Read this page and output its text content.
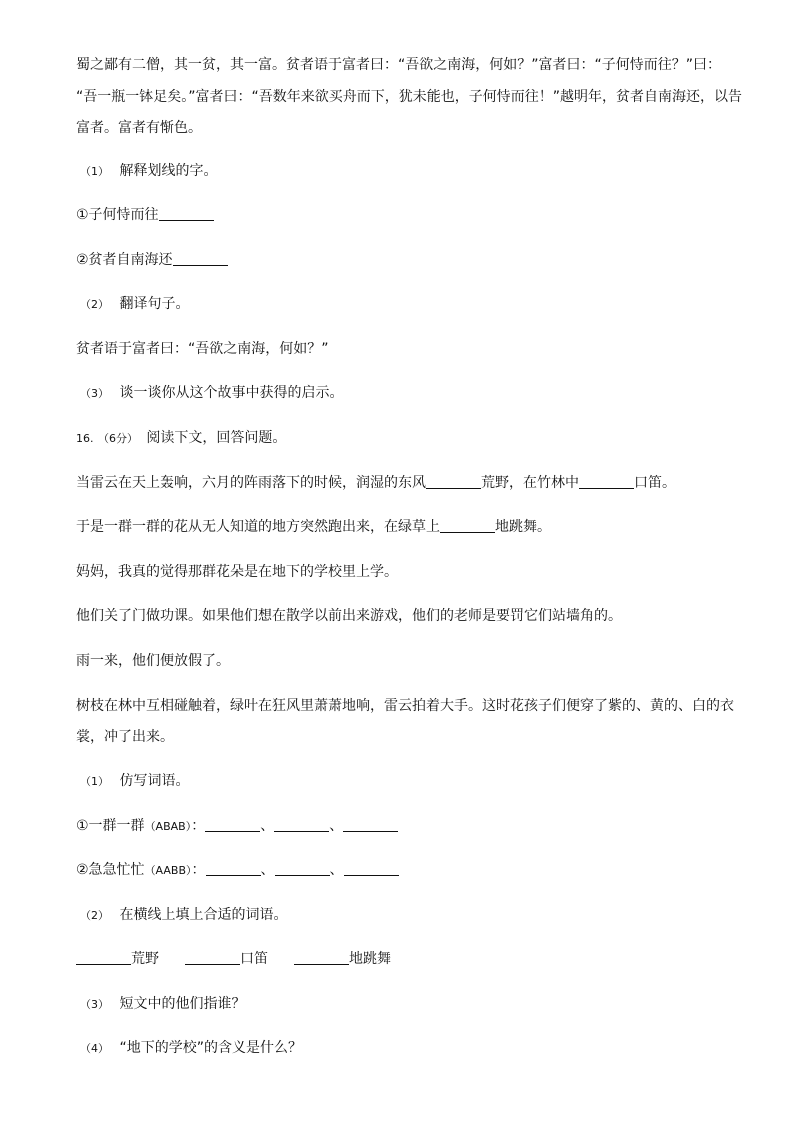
蜀之鄙有二僧，其一贫，其一富。贫者语于富者曰：“吾欲之南海，何如？”富者曰：“子何恃而往？”曰：
“吾一瓶一钵足矣。”富者曰：“吾数年来欲买舟而下，犹未能也，子何恃而往！”越明年，贫者自南海还，以告
富者。富者有惭色。
（1） 解释划线的字。
①子何恃而往
②贫者自南海还
（2） 翻译句子。
贫者语于富者曰：“吾欲之南海，何如？”
（3） 谈一谈你从这个故事中获得的启示。
16. （6分） 阅读下文，回答问题。
当雷云在天上轰响，六月的阵雨落下的时候，润湿的东风	荒野，在竹林中	口笛。
于是一群一群的花从无人知道的地方突然跑出来，在绿草上	地跳舞。
妈妈，我真的觉得那群花朵是在地下的学校里上学。
他们关了门做功课。如果他们想在散学以前出来游戏，他们的老师是要罚它们站墙角的。
雨一来，他们便放假了。
树枝在林中互相碰触着，绿叶在狂风里萧萧地响，雷云拍着大手。这时花孩子们便穿了紫的、黄的、白的衣
裳，冲了出来。
（1） 仿写词语。
①一群一群（ABAB）：	、	、
②急急忙忙（AABB）：	、	、
（2） 在横线上填上合适的词语。
荒野	口笛	地跳舞
（3） 短文中的他们指谁？
（4） “地下的学校”的含义是什么？
